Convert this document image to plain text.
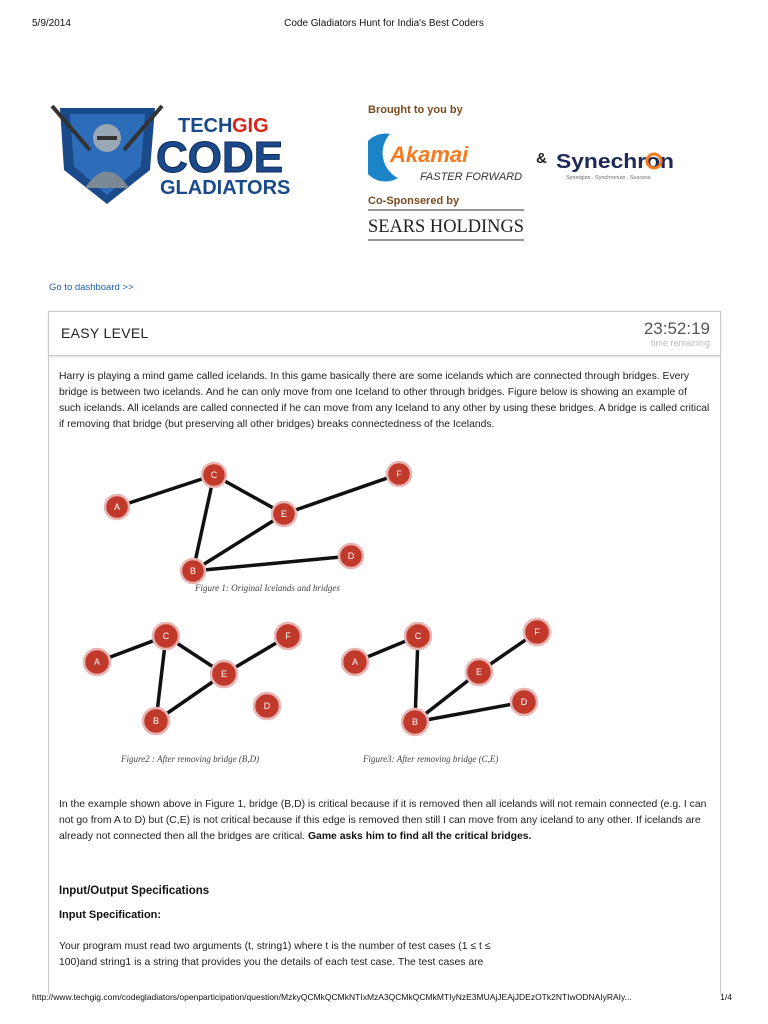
5/9/2014	Code Gladiators Hunt for India's Best Coders
TECH GIG
CODE
GLADIATORS
Brought to you by
Akamai
FASTER FORWARD
& Synechron
Synergize . Synchronize . Success
Co-Sponsered by
SEARS HOLDINGS
Go to dashboard >>
EASY LEVEL	23:52:19
time remaining
Harry is playing a mind game called icelands. In this game basically there are some icelands which are connected through bridges. Every bridge is between two icelands. And he can only move from one Iceland to other through bridges. Figure below is showing an example of such icelands. All icelands are called connected if he can move from any Iceland to any other by using these bridges. A bridge is called critical if removing that bridge (but preserving all other bridges) breaks connectedness of the Icelands.
A
C	F
E
D
B
Figure 1: Original Icelands and bridges
A
C	F
E
D
B
Figure2 : After removing bridge (B,D)
A
C	F
E
D
B
Figure3: After removing bridge (C,E)
In the example shown above in Figure 1, bridge (B,D) is critical because if it is removed then all icelands will not remain connected (e.g. I can not go from A to D) but (C,E) is not critical because if this edge is removed then still I can move from any iceland to any other. If icelands are already not connected then all the bridges are critical. Game asks him to find all the critical bridges.
Input/Output Specifications
Input Specification:
Your program must read two arguments (t, string1) where t is the number of test cases (1 ≤ t ≤ 100)and string1 is a string that provides you the details of each test case. The test cases are
http://www.techgig.com/codegladiators/openparticipation/question/MzkyQCMkQCMkNTIxMzA3QCMkQCMkMTIyNzE3MUAjJEAjJDEzOTk2NTIwODNAIyRAIy...	1/4
